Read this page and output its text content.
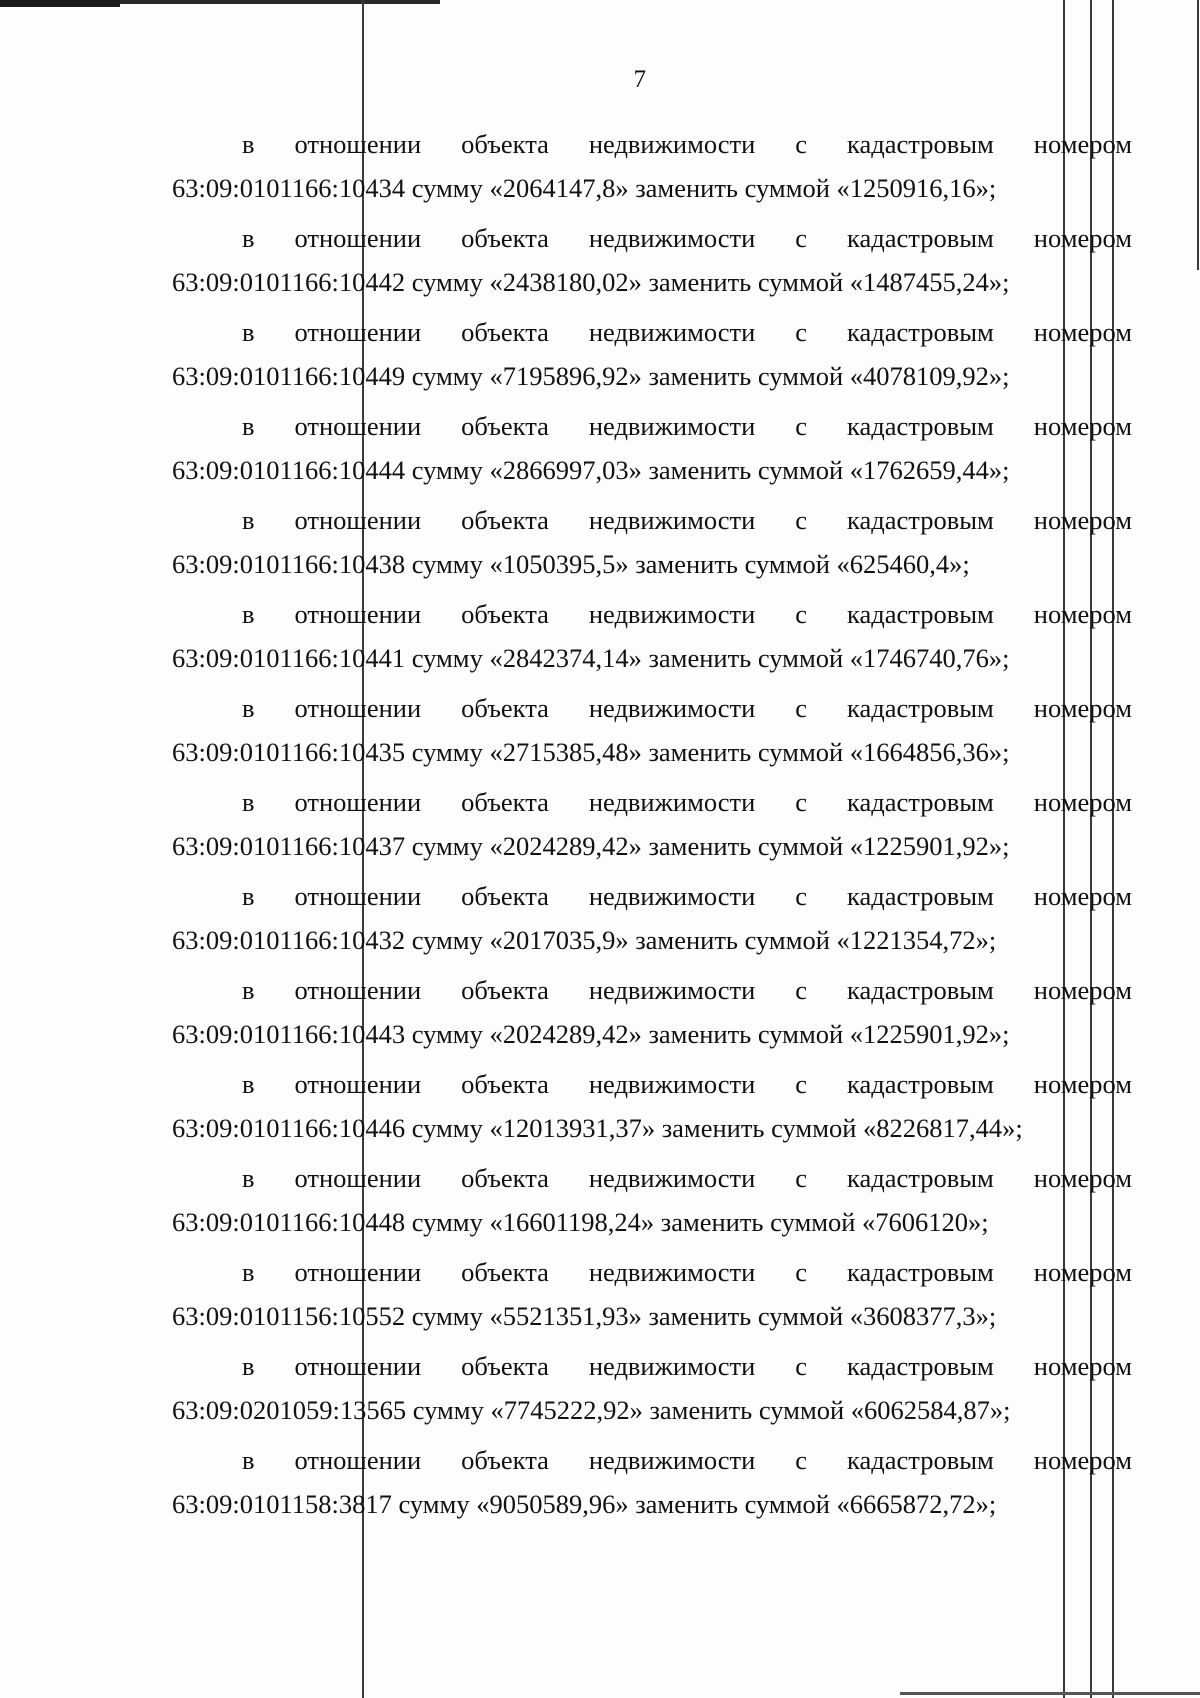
7
в отношении объекта недвижимости с кадастровым номером
63:09:0101166:10434 сумму «2064147,8» заменить суммой «1250916,16»;
в отношении объекта недвижимости с кадастровым номером
63:09:0101166:10442 сумму «2438180,02» заменить суммой «1487455,24»;
в отношении объекта недвижимости с кадастровым номером
63:09:0101166:10449 сумму «7195896,92» заменить суммой «4078109,92»;
в отношении объекта недвижимости с кадастровым номером
63:09:0101166:10444 сумму «2866997,03» заменить суммой «1762659,44»;
в отношении объекта недвижимости с кадастровым номером
63:09:0101166:10438 сумму «1050395,5» заменить суммой «625460,4»;
в отношении объекта недвижимости с кадастровым номером
63:09:0101166:10441 сумму «2842374,14» заменить суммой «1746740,76»;
в отношении объекта недвижимости с кадастровым номером
63:09:0101166:10435 сумму «2715385,48» заменить суммой «1664856,36»;
в отношении объекта недвижимости с кадастровым номером
63:09:0101166:10437 сумму «2024289,42» заменить суммой «1225901,92»;
в отношении объекта недвижимости с кадастровым номером
63:09:0101166:10432 сумму «2017035,9» заменить суммой «1221354,72»;
в отношении объекта недвижимости с кадастровым номером
63:09:0101166:10443 сумму «2024289,42» заменить суммой «1225901,92»;
в отношении объекта недвижимости с кадастровым номером
63:09:0101166:10446 сумму «12013931,37» заменить суммой «8226817,44»;
в отношении объекта недвижимости с кадастровым номером
63:09:0101166:10448 сумму «16601198,24» заменить суммой «7606120»;
в отношении объекта недвижимости с кадастровым номером
63:09:0101156:10552 сумму «5521351,93» заменить суммой «3608377,3»;
в отношении объекта недвижимости с кадастровым номером
63:09:0201059:13565 сумму «7745222,92» заменить суммой «6062584,87»;
в отношении объекта недвижимости с кадастровым номером
63:09:0101158:3817 сумму «9050589,96» заменить суммой «6665872,72»;
